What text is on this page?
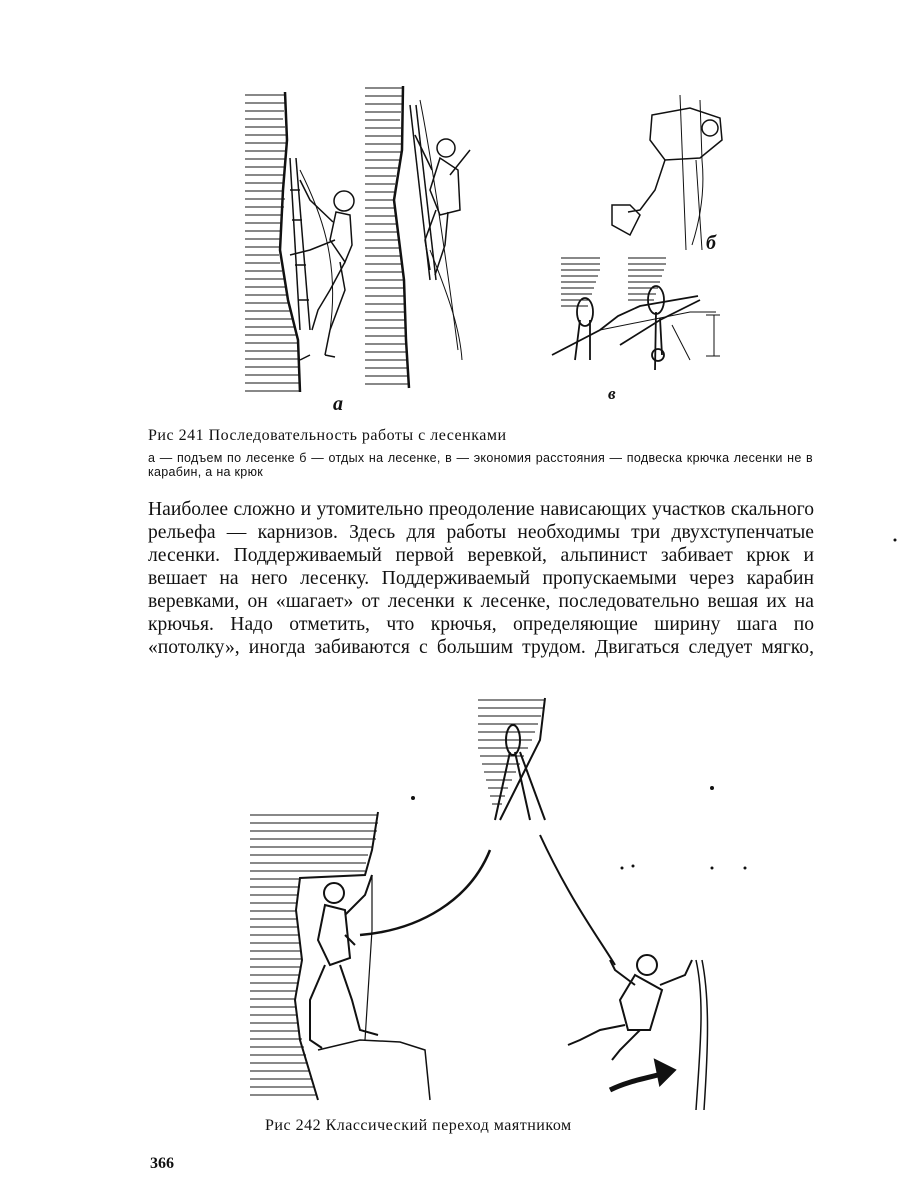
а
б
в
Рис 241 Последовательность работы с лесенками
а — подъем по лесенке б — отдых на лесенке, в — экономия расстояния — подвеска крючка лесенки не в карабин, а на крюк
Наиболее сложно и утомительно преодоление нависающих участков скального рельефа — карнизов. Здесь для работы необходимы три двухступенчатые лесенки. Поддерживаемый первой веревкой, альпинист забивает крюк и вешает на него лесенку. Поддерживаемый пропускаемыми через карабин веревками, он «шагает» от лесенки к лесенке, последовательно вешая их на крючья. Надо отметить, что крючья, определяющие ширину шага по «потолку», иногда забиваются с большим трудом. Двигаться следует мягко,
Рис 242 Классический переход маятником
366
